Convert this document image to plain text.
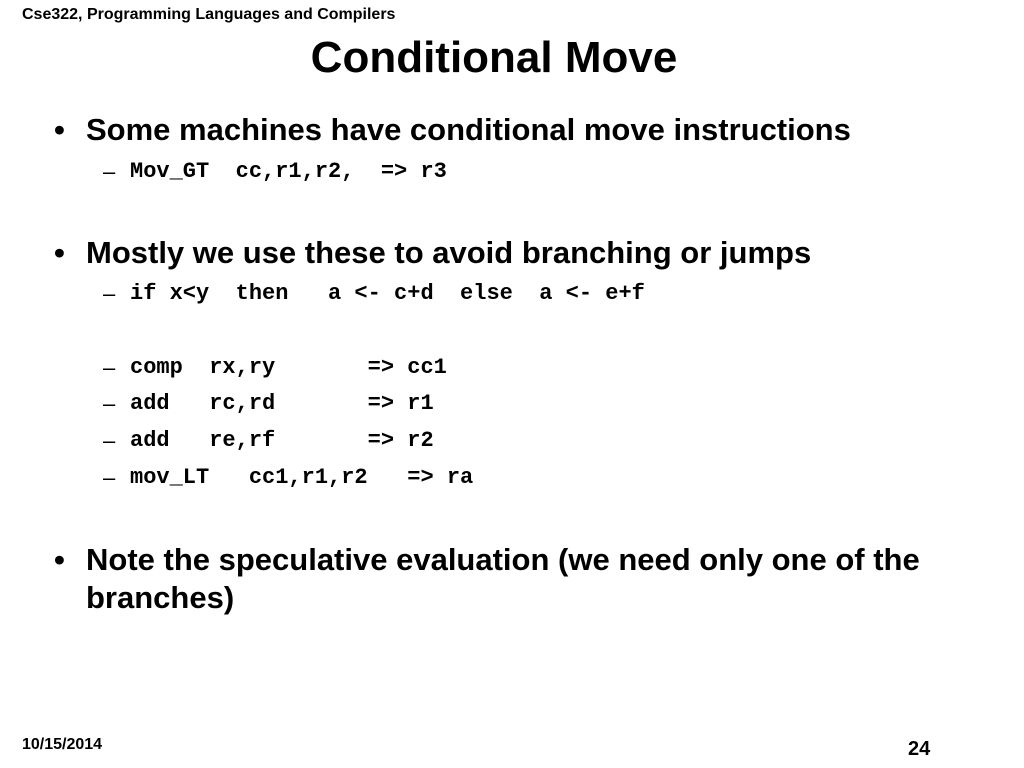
Cse322, Programming Languages and Compilers
Conditional Move
• Some machines have conditional move instructions
– Mov_GT  cc,r1,r2,  => r3
• Mostly we use these to avoid branching or jumps
– if x<y  then   a <- c+d  else  a <- e+f
– comp  rx,ry       => cc1
– add   rc,rd       => r1
– add   re,rf       => r2
– mov_LT   cc1,r1,r2   => ra
• Note the speculative evaluation (we need only one of the branches)
10/15/2014	24
